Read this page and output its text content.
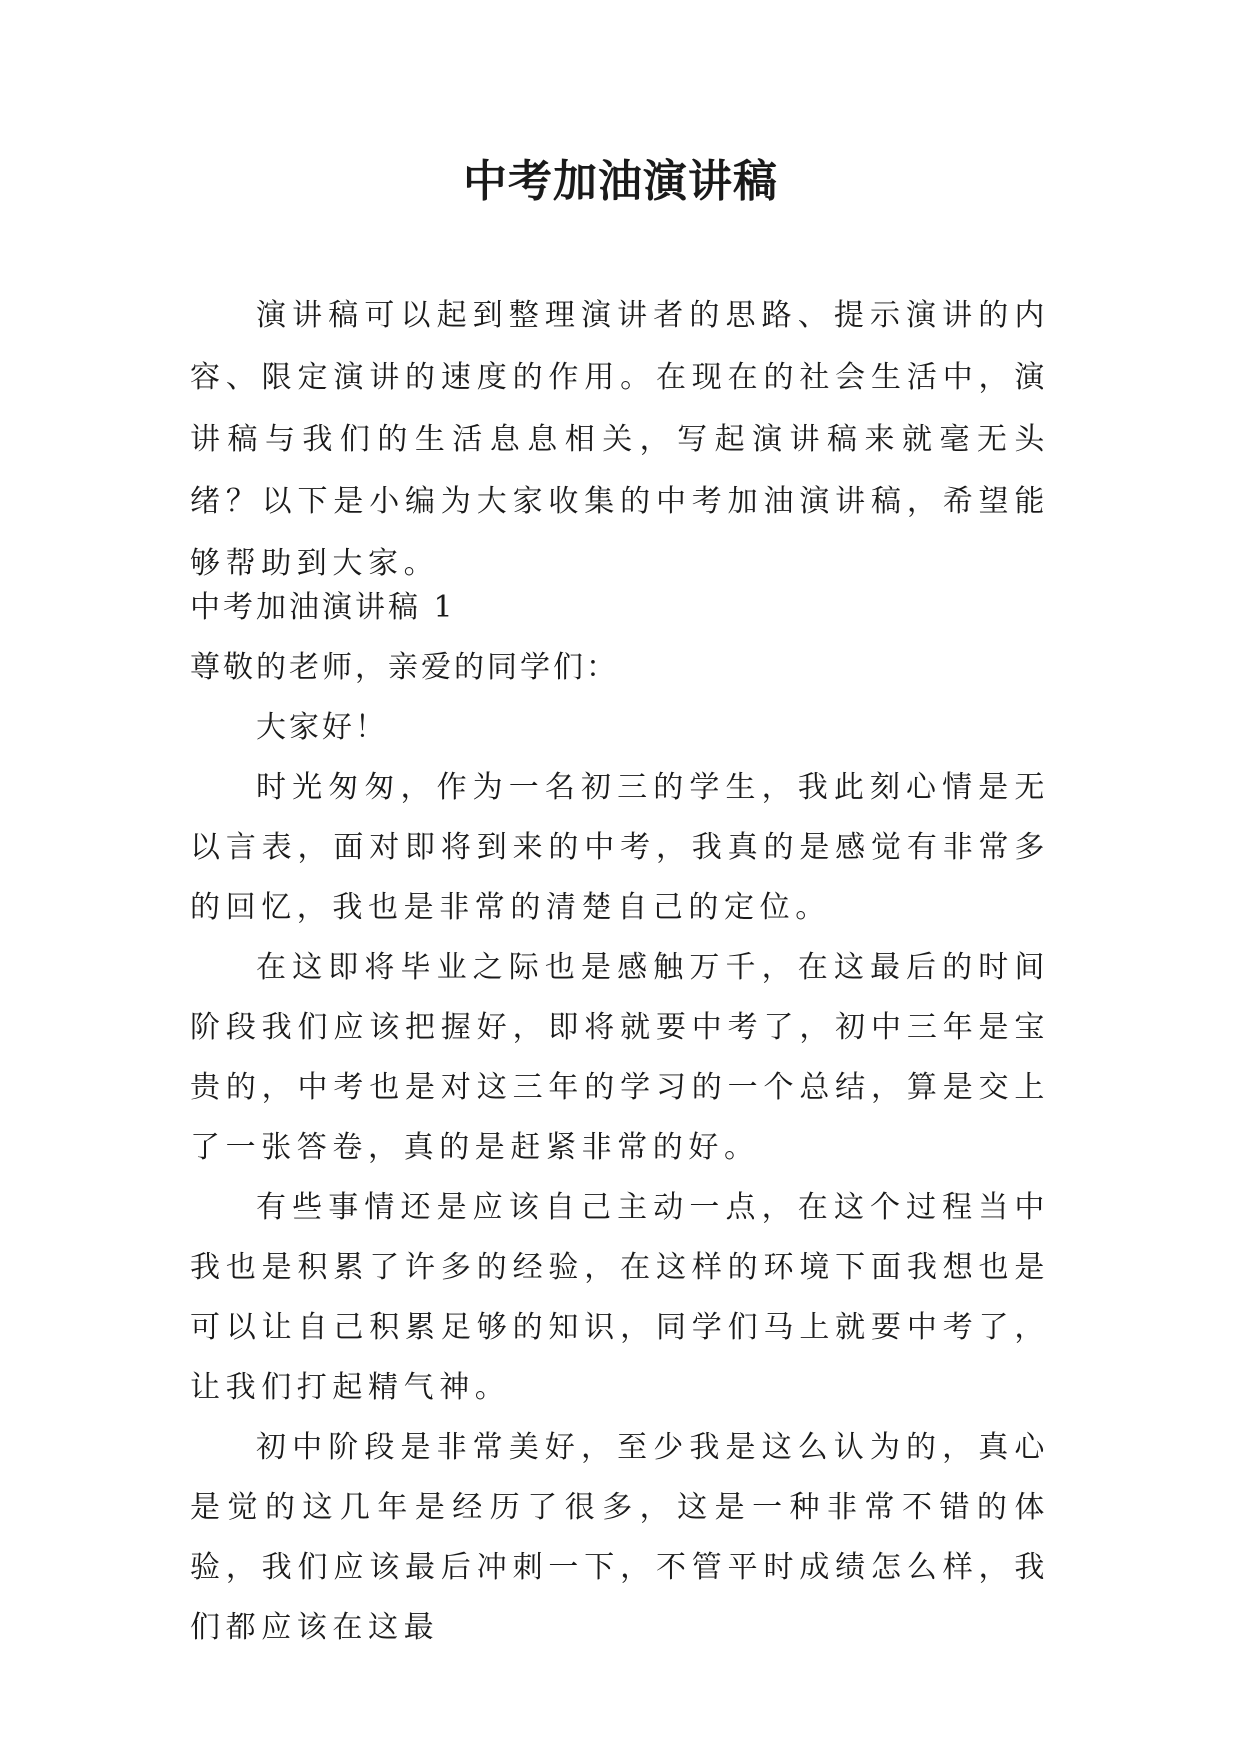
中考加油演讲稿

演讲稿可以起到整理演讲者的思路、提示演讲的内容、限定演讲的速度的作用。在现在的社会生活中，演讲稿与我们的生活息息相关，写起演讲稿来就毫无头绪？以下是小编为大家收集的中考加油演讲稿，希望能够帮助到大家。

中考加油演讲稿 1

尊敬的老师，亲爱的同学们：

大家好！

时光匆匆，作为一名初三的学生，我此刻心情是无以言表，面对即将到来的中考，我真的是感觉有非常多的回忆，我也是非常的清楚自己的定位。

在这即将毕业之际也是感触万千，在这最后的时间阶段我们应该把握好，即将就要中考了，初中三年是宝贵的，中考也是对这三年的学习的一个总结，算是交上了一张答卷，真的是赶紧非常的好。

有些事情还是应该自己主动一点，在这个过程当中我也是积累了许多的经验，在这样的环境下面我想也是可以让自己积累足够的知识，同学们马上就要中考了，让我们打起精气神。

初中阶段是非常美好，至少我是这么认为的，真心是觉的这几年是经历了很多，这是一种非常不错的体验，我们应该最后冲刺一下，不管平时成绩怎么样，我们都应该在这最
